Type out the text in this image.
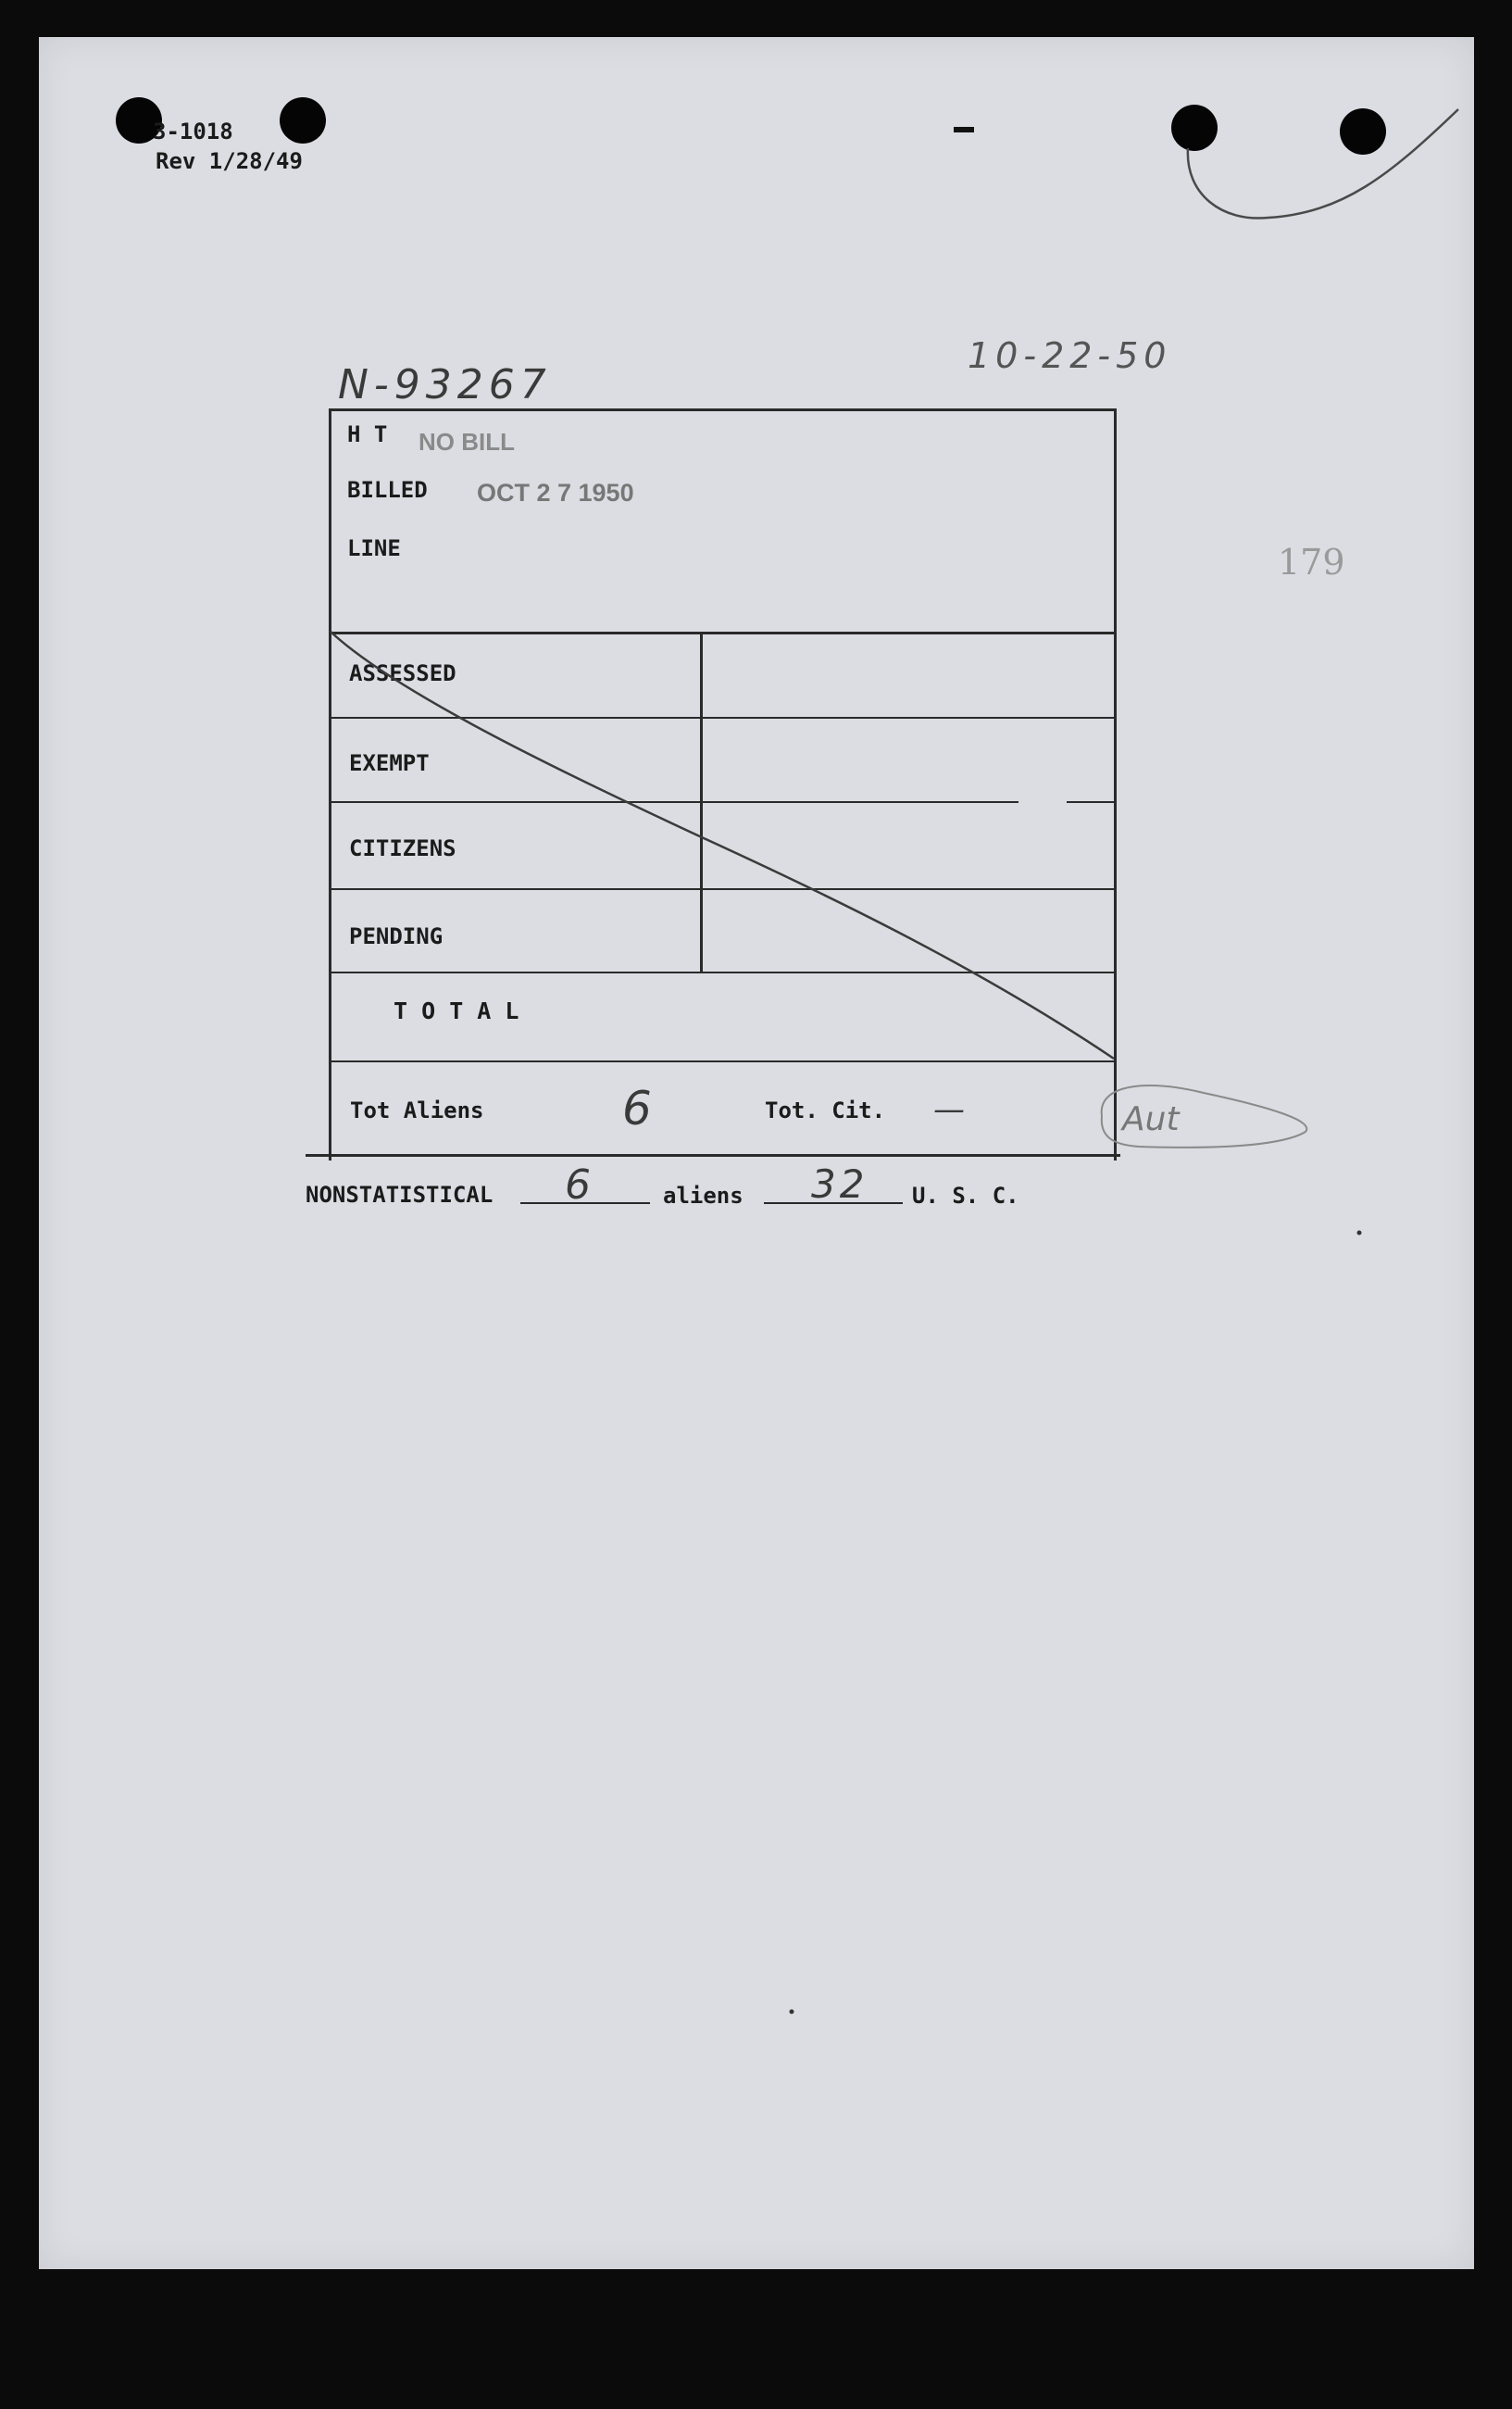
3-1018
Rev 1/28/49
N-93267
10-22-50
179
H T NO BILL
BILLED OCT 2 7 1950
LINE
ASSESSED
EXEMPT
CITIZENS
PENDING
T O T A L
Tot Aliens	6	Tot. Cit. —	Aut
NONSTATISTICAL 6	aliens 32 U. S. C.
